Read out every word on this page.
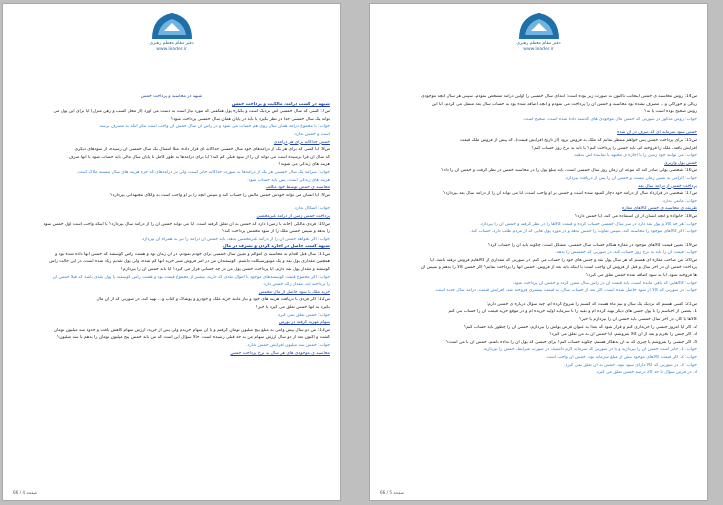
دفتر مقام معظم رهبری
www.leader.ir
شبهه در محاسبه و پرداخت خمس
شبهه در کسب درآمد، مالکیت و پرداخت خمس
س7: کسی که سال خمسی اش نزدیک است و یکباره پول هنگفتی که مورد نیاز است به دست می آورد (از محل کسب و رهن منزل) آیا برای این پول می
تواند یک سال خمسی جدا در نظر بگیرد یا باید در پایان همان سال خمسی پرداخت شود؟
جواب: با مجموع درآمد همان سال روی هم حساب می شود و در رأس آن سال خمس آن واجب است مگر آنکه به مصرف برسد.
است و خمس ندارد.
خمس جداگانه برای هر درآمدی
س8: آیا کسی که برای هر یک از درآمدهای خود سال خمسی جداگانه ای قرار داده، مثلاً امسال یک سال خمسی آن رسیده، از سودهای دیگری
که سال آن فرا نرسیده است می تواند آن را از سود قبلی کم کند؟ آیا برای درآمدها به طور کامل تا پایان سال مالی باید حساب شود یا آنها صرف
هزینه های زندگی می شوند؟
جواب: سرآمد یک سال خمسی هر یک از درآمدها به صورت جداگانه جایز است، ولی در درآمدهای که جزء هزینه های سال نیستند ملاک است.
هزینه های زندگی است، پس باید حساب شود.
محاسبه ی خمس توسط خود مکلف
س9: آیا انسان می تواند خودش خمس مالش را حساب کند و سپس آنچه را بر او واجب است به وکلای مجتهدانی بپردازد؟
جواب: اشکال ندارد.
پرداخت خمس زمین از درآمد غیرمخمس
س10: فردی مالکی (خانه یا زمین) دارد که خمس به آن تعلق گرفته است. آیا می تواند خمس آن را از درآمد سال بپردازد؟ یا اینکه واجب است اول خمس سود
را بدهد و سپس خمس ملک را از سود مخمس پرداخت کند؟
جواب: اگر بخواهد خمس آن را از درآمد غیرمخمس بدهد، باید خمس آن درآمد را نیز به همراه آن بپردازد.
شبهه کسب حاصل در اجاره کردن و تصرف در مال
س11: سال قبل اقدام به محاسبه ی اموالم و تعیین سال خمسی برای خودم نمودم، در آن زمان نود و هشت رأس گوسفند که خمس آنها داده شده بود و
همچنین مقداری پول نقد و یک موتورسیکلت داشتم. گوسفندان من در امر فروش شیر خرید آنها کم شده، ولی پول تقدیم زیاد شده است، در این حالت رأس
گوسفند و مقدار پول نقد دارم. آیا پرداخت خمس پول من در چه حسابی قرار می گیرد؟ آیا باید خمس آن را بپردازم؟
جواب: اگر مجموع قیمت گوسفندهای موجود با اموال نقدی که دارید، بیشتر از مجموع قیمت نود و هشت رأس گوسفند با پول نقدی باشد که قبلاً خمس آن
را پرداخته اید، مقدار زائد خمس دارد.
خرید ملک با سود حاصل از مال مخمس
س12: اگر فردی با دریافت هزینه های خود و نیاز مانند خرید ملک و خودرو و پوشاک و کتاب و... تهیه کند، در صورتی که از آن مال
بگیرد به آنها خمس تعلق می گیرد یا خیر؟
جواب: خمس تعلق نمی گیرد.
سهام مهریه گرفته در بورس
س13: من دو سال پیش وامی به مبلغ پنج میلیون تومان گرفتم و با آن سهام خریدم ولی پس از خرید، ارزش سهام کاهش یافت و حدود سه میلیون تومان
گشت و اکنون بعد از دو سال ارزش سهام من به حد قبلی رسیده است. حالا سؤال این است که من باید خمس پنج میلیون تومان را بدهم یا سه میلیون؟
جواب: خمس سه میلیون افزایش خمس ندارد.
محاسبه ی موجودی های هر سال به نرخ پرداخت خمس
صفحه 4 / 66
دفتر مقام معظم رهبری
www.leader.ir
س14: روش محاسبه ی خمس اینجانب تاکنون به صورت زیر بوده است: ابتدای سال خمسی را اولین درآمد مشخص نمودم، سپس هر سال آنچه موجودی
ریالی و خوراکی و... مصرف نشده بود محاسبه و خمس آن را پرداخت می نمودم و آنچه اضافه شده بود به حساب سال بعد منتقل می کردم. آیا این
روش صحیح بوده است یا نه؟
جواب: روش مذکور در صورتی که خمس مال موجودی های گذشته داده شده است، صحیح است.
خمس سود سرمایه ای که صرف در آن شده
س15: برای پرداخت خمس پس خواهم منتظر بمانم که ملک به فروش برود (از تاریخ افزایش قیمت)، که پیش از فروش ملک قیمت
افزایش یافته، ملک را فروخته ام، باید خمس را پرداخت کنم؟ یا باید به نرخ روز حساب کنم؟
جواب: می توانید خود زمین را با اجازه ی مجتهد یا نماینده اش بدهید.
خمس پول واریزی
س16: شخصی پولی صادر کند که موعد آن زمان روز سال خمسی است، باید مبلغ پول را در محاسبه خمس در نظر گرفت و خمس آن را داد؟
جواب: الزامی به تعیین زمان نیست و خمس آن را پس از دریافت بپردازد.
پرداخت خمس از درآمد سال بعد
س17: شخصی در قرارداد سال از درآمد خود دچار کمبود شده است و خمس بر او واجب است، آیا می تواند آن را از درآمد سال بعد بپردازد؟
جواب: مانعی ندارد.
طریقه ی محاسبه ی خمس کالاهای معازه
س18: خانواده و آنچه انسان از آن استفاده می کند، آیا خمس دارد؟
جواب: هر چه کالا و پول نقد دارد در سر سال خمسی حساب کرده و قیمت کالاها را در نظر گرفته و خمس آن را بپردازد.
جواب: اگر کالاهای موجود را محاسبه کند، سپس تفاوت را خمس بدهد و در مورد پول هایی که از مردم طلب دارد، حساب کند.
س19: تعیین قیمت کالاهای موجود در مغازه هنگام حساب سال خمسی، مشکل است. چگونه باید آن را حساب کرد؟
جواب: قیمت آن را باید به نرخ روز حساب کند، در صورتی که خمسش را بدهد.
س20: من صاحب مغازه ای هستم که هر سال پول نقد و جنس های خود را حساب می کنم. در صورتی که مقداری از کالاهایم فروش نرفته باشد، آیا
پرداخت خمس آن در آخر سال و قبل از فروش آن واجب است یا اینکه باید بعد از فروش، خمس آنها را پرداخت نمایم؟ اگر خمس کالا را بدهم و سپس آن
ها فروخته شود، آیا به سود اضافه شده خمس تعلق می گیرد؟
جواب: کالاهایی که باقی مانده است، باید قیمت آن در رأس سال معین گردد و خمس آن پرداخت شود.
جواب: در صورتی که کالا از سود حاصل شده است، اگر بعد از حساب سال، به قیمت بیشتری فروخته شد، افزایش قیمت، درآمد سال جدید است.
س21: کسی هستم که نزدیک یک سال و نیم ماه هست که کسبم را شروع کرده ام، چند سؤال درباره ی خمس دارم:
1. بعضی از اجناسم را با پول جنس های دیگر تهیه کرده ام و بقیه را با سرمایه اولیه خریده ام و در موقع خرید قیمت آن را حساب می کنم
کالاها یا کار، در آخر سال خمسی باید خمس آن را بپردازم یا خیر؟
2. اگر آیا امروز جنسی را خریداری کنم و قرار شود که بعداً به عنوان قرض پولش را بپردازم، خمس آن را چطور باید حساب کنم؟
3. اگر جنس را بخرم و بعد از آن کالا بفروشم، آیا خمس آن به من تعلق می گیرد؟
4. اگر جنسی را بفروشم یا چیزی که به آن بدهکار هستم، چگونه حساب کنم؟ برای جنسی که پول آن را نداده باشم، خمس آن با من است؟
جواب: 1. جایز است خمس آن را بپردازید و یا در صورتی که سرمایه لازم داشتید، در صورت شرایط، خمس را بپردازید.
جواب: 2. اگر قیمت کالاهای موجود بیش از مبلغ سرمایه بود، خمس آن واجب است.
جواب: 3. در صورتی که کالا دارای سود نبود، خمس به آن تعلق نمی گیرد.
3. در فرض سؤال تا حد 20 درصد خمس تعلق می گیرد.
صفحه 5 / 66
